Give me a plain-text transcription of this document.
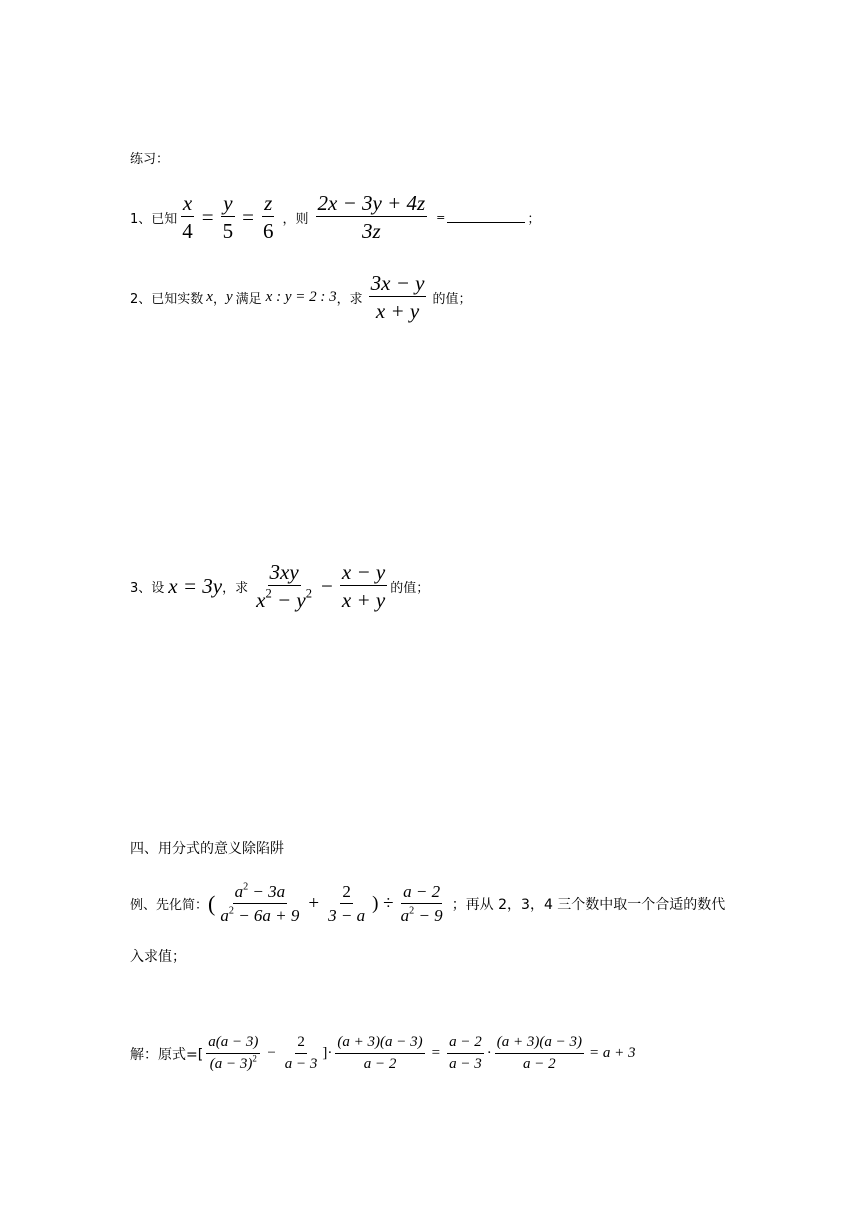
练习：
1、 已知 $\frac{x}{4} = \frac{y}{5} = \frac{z}{6}$ ，则 $\frac{2x - 3y + 4z}{3z}$ =	；
2、 已知实数 x ， y 满足 x : y = 2 : 3 ，求 $\frac{3x - y}{x + y}$ 的值；
3、 设 x = 3y ，求 $\frac{3xy}{x^2 - y^2} - \frac{x - y}{x + y}$ 的值；
四、用分式的意义除陷阱
例、先化简： ( $\frac{a^2 - 3a}{a^2 - 6a + 9} + \frac{2}{3 - a}$ ) ÷ $\frac{a - 2}{a^2 - 9}$ ；再从 2，3，4 三个数中取一个合适的数代
入求值；
解：原式=[ $\frac{a(a - 3)}{(a - 3)^2} - \frac{2}{a - 3}$ ]· $\frac{(a + 3)(a - 3)}{a - 2} = \frac{a - 2}{a - 3} \cdot \frac{(a + 3)(a - 3)}{a - 2} = a + 3$
